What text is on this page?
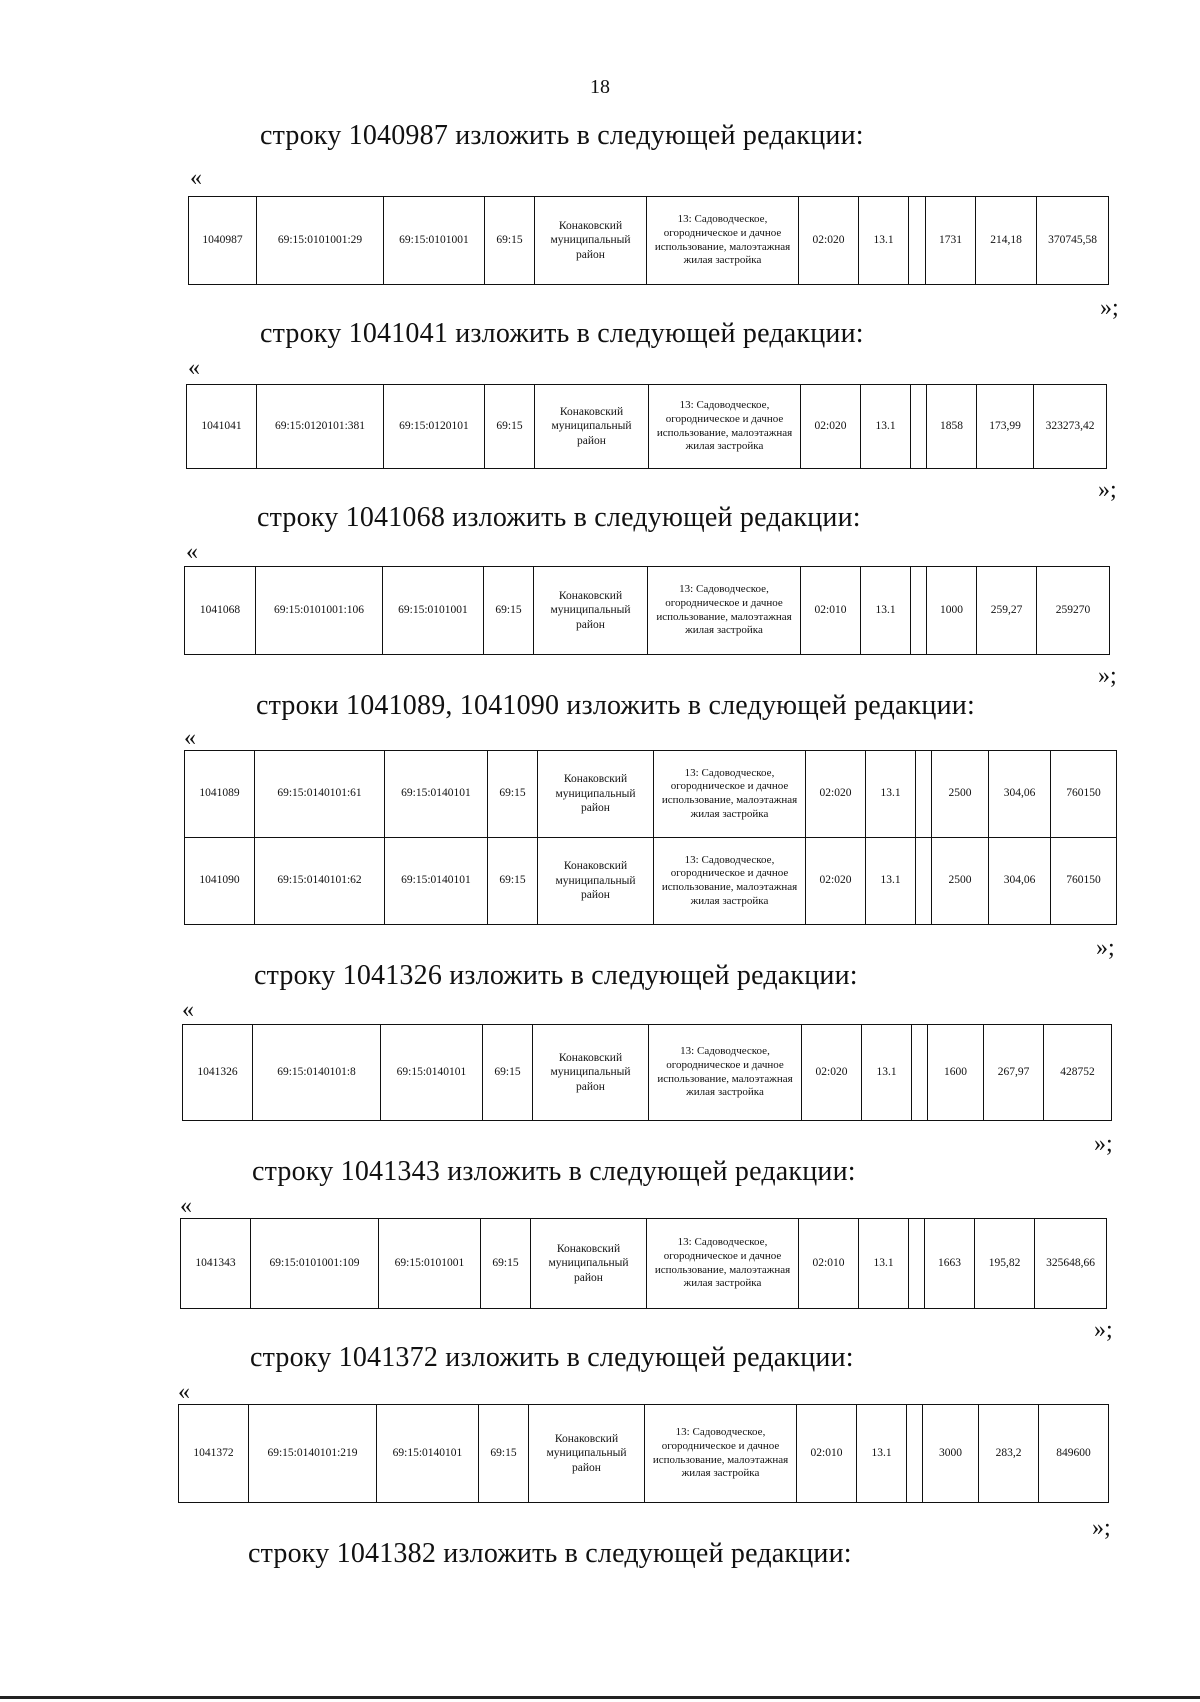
18
строку 1040987 изложить в следующей редакции:
«
1040987	69:15:0101001:29	69:15:0101001	69:15	Конаковский муниципальный район	13: Садоводческое, огородническое и дачное использование, малоэтажная жилая застройка	02:020	13.1		1731	214,18	370745,58
»;
строку 1041041 изложить в следующей редакции:
«
1041041	69:15:0120101:381	69:15:0120101	69:15	Конаковский муниципальный район	13: Садоводческое, огородническое и дачное использование, малоэтажная жилая застройка	02:020	13.1		1858	173,99	323273,42
»;
строку 1041068 изложить в следующей редакции:
«
1041068	69:15:0101001:106	69:15:0101001	69:15	Конаковский муниципальный район	13: Садоводческое, огородническое и дачное использование, малоэтажная жилая застройка	02:010	13.1		1000	259,27	259270
»;
строки 1041089, 1041090 изложить в следующей редакции:
«
1041089	69:15:0140101:61	69:15:0140101	69:15	Конаковский муниципальный район	13: Садоводческое, огородническое и дачное использование, малоэтажная жилая застройка	02:020	13.1		2500	304,06	760150
1041090	69:15:0140101:62	69:15:0140101	69:15	Конаковский муниципальный район	13: Садоводческое, огородническое и дачное использование, малоэтажная жилая застройка	02:020	13.1		2500	304,06	760150
»;
строку 1041326 изложить в следующей редакции:
«
1041326	69:15:0140101:8	69:15:0140101	69:15	Конаковский муниципальный район	13: Садоводческое, огородническое и дачное использование, малоэтажная жилая застройка	02:020	13.1		1600	267,97	428752
»;
строку 1041343 изложить в следующей редакции:
«
1041343	69:15:0101001:109	69:15:0101001	69:15	Конаковский муниципальный район	13: Садоводческое, огородническое и дачное использование, малоэтажная жилая застройка	02:010	13.1		1663	195,82	325648,66
»;
строку 1041372 изложить в следующей редакции:
«
1041372	69:15:0140101:219	69:15:0140101	69:15	Конаковский муниципальный район	13: Садоводческое, огородническое и дачное использование, малоэтажная жилая застройка	02:010	13.1		3000	283,2	849600
»;
строку 1041382 изложить в следующей редакции:
